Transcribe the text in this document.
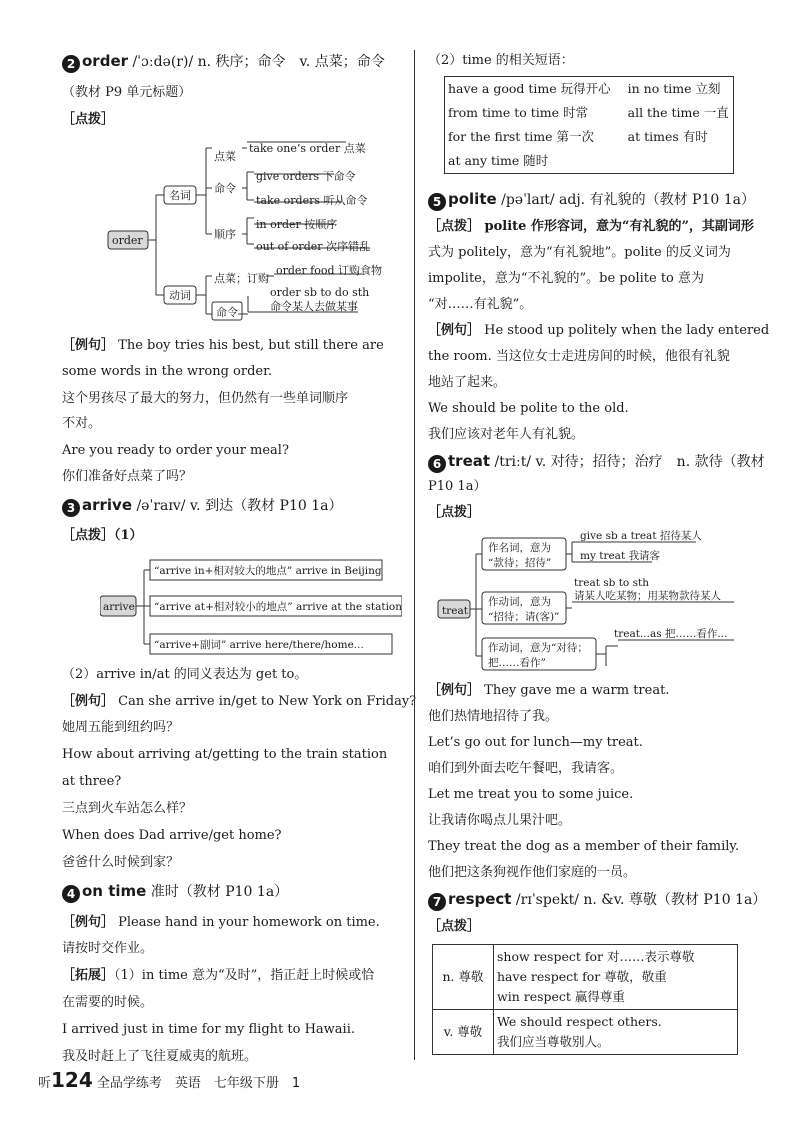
2 order /ˈɔːdə(r)/ n. 秩序；命令　v. 点菜；命令
（教材 P9 单元标题）
［点拨］
order
名词
动词
点菜
take one’s order 点菜
命令
give orders 下命令
take orders 听从命令
顺序
in order 按顺序
out of order 次序错乱
点菜；订购
order food 订购食物
命令
order sb to do sth
命令某人去做某事
［例句］ The boy tries his best, but still there are
some words in the wrong order.
这个男孩尽了最大的努力，但仍然有一些单词顺序
不对。
Are you ready to order your meal?
你们准备好点菜了吗？
3 arrive /əˈraɪv/ v. 到达（教材 P10 1a）
［点拨］（1）
arrive
“arrive in+相对较大的地点” arrive in Beijing
“arrive at+相对较小的地点” arrive at the station
“arrive+副词” arrive here/there/home...
（2）arrive in/at 的同义表达为 get to。
［例句］ Can she arrive in/get to New York on Friday?
她周五能到纽约吗？
How about arriving at/getting to the train station
at three?
三点到火车站怎么样？
When does Dad arrive/get home?
爸爸什么时候到家？
4 on time 准时（教材 P10 1a）
［例句］ Please hand in your homework on time.
请按时交作业。
［拓展］（1）in time 意为“及时”，指正赶上时候或恰
在需要的时候。
I arrived just in time for my flight to Hawaii.
我及时赶上了飞往夏威夷的航班。
（2）time 的相关短语：
have a good time 玩得开心	in no time 立刻
from time to time 时常	all the time 一直
for the first time 第一次	at times 有时
at any time 随时	
5 polite /pəˈlaɪt/ adj. 有礼貌的（教材 P10 1a）
［点拨］ polite 作形容词，意为“有礼貌的”，其副词形
式为 politely，意为“有礼貌地”。polite 的反义词为
impolite，意为“不礼貌的”。be polite to 意为
“对……有礼貌”。
［例句］ He stood up politely when the lady entered
the room. 当这位女士走进房间的时候，他很有礼貌
地站了起来。
We should be polite to the old.
我们应该对老年人有礼貌。
6 treat /triːt/ v. 对待；招待；治疗　n. 款待（教材
P10 1a）
［点拨］
treat
作名词，意为
“款待；招待”
give sb a treat 招待某人
my treat 我请客
作动词，意为
“招待；请(客)”
treat sb to sth
请某人吃某物；用某物款待某人
作动词，意为“对待；
把……看作”
treat...as 把……看作...
［例句］ They gave me a warm treat.
他们热情地招待了我。
Let’s go out for lunch—my treat.
咱们到外面去吃午餐吧，我请客。
Let me treat you to some juice.
让我请你喝点儿果汁吧。
They treat the dog as a member of their family.
他们把这条狗视作他们家庭的一员。
7 respect /rɪˈspekt/ n. &v. 尊敬（教材 P10 1a）
［点拨］
n. 尊敬	show respect for 对……表示尊敬
have respect for 尊敬，敬重
win respect 赢得尊重

v. 尊敬	We should respect others.
我们应当尊敬别人。
听124 全品学练考　英语　七年级下册　1
